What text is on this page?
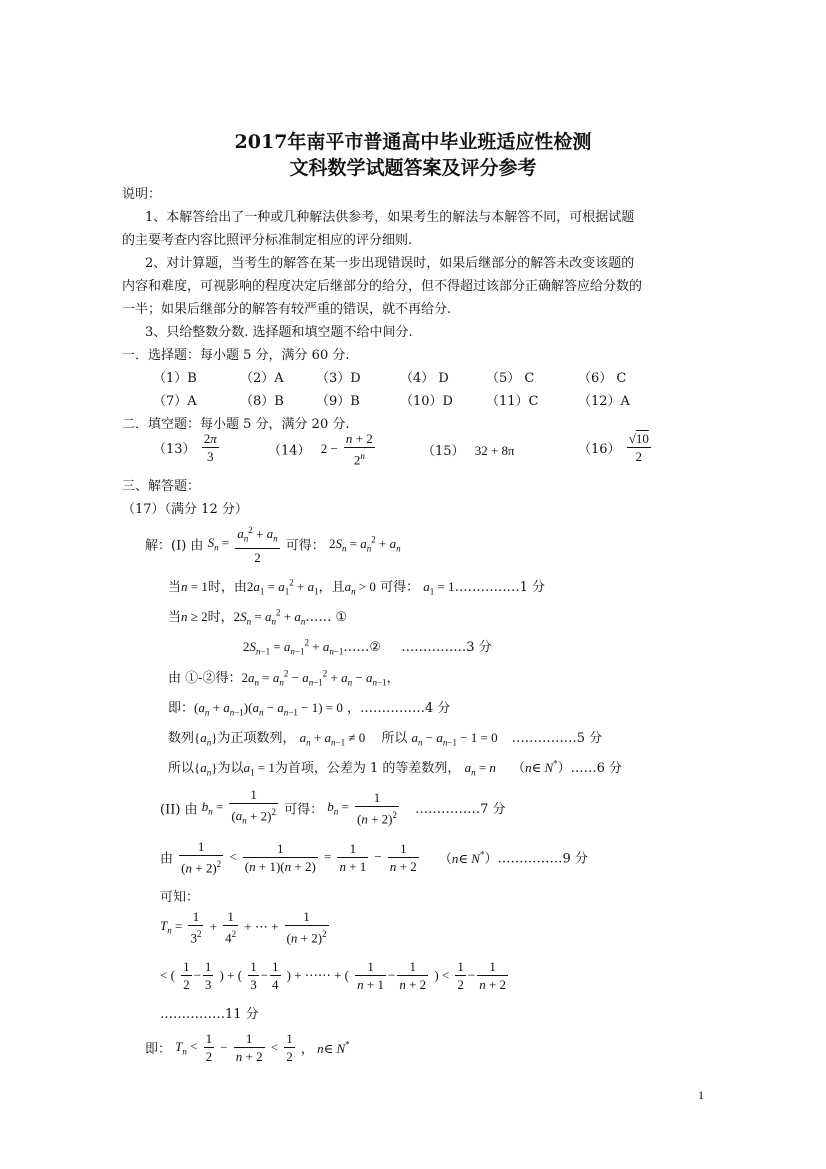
2017年南平市普通高中毕业班适应性检测
文科数学试题答案及评分参考
说明：
1、本解答给出了一种或几种解法供参考，如果考生的解法与本解答不同，可根据试题
的主要考查内容比照评分标准制定相应的评分细则.
2、对计算题，当考生的解答在某一步出现错误时，如果后继部分的解答未改变该题的
内容和难度，可视影响的程度决定后继部分的给分，但不得超过该部分正确解答应给分数的
一半；如果后继部分的解答有较严重的错误，就不再给分.
3、只给整数分数. 选择题和填空题不给中间分.
一．选择题：每小题 5 分，满分 60 分.
（1）B	（2）A （3）D	（4） D	（5） C	（6） C
（7）A	（8）B （9）B	（10）D	（11）C	（12）A
二．填空题：每小题 5 分，满分 20 分.
$(13) \frac{2\pi}{3}$	（14） $2 - \frac{n + 2}{2^n}$	（15） 32 + 8π	$(16) \frac{√10}{2}$
三、解答题：
（17）（满分 12 分）
解：(I) 由 $S_n = \frac{a_n^2 + a_n}{2}$ 可得： $2S_n = a_n^2 + a_n$
当n = 1时，由$2a_1 = a_1^2 + a_1$，且$a_n > 0$ 可得： $a_1$ = 1……………1 分
当n ≥ 2时，$2S_n = a_n^2$ + $a_n\dots\dots$ ①
$2S_{n-1} = a_{n-1}^2$ + $a_{n-1}\dots\dots ②$ ……………3 分
由 ①-②得：$2a_n = a_n^2 - a_{n-1}^2 + a_n - a_{n-1}$，
即：$(a_n + a_{n-1})(a_n - a_{n-1} - 1) = 0$ ，……………4 分
数列$\{a_n\}$为正项数列， $a_n + a_{n-1} \ne 0$ 所以 $a_n - a_{n-1} - 1 = 0$ ……………5 分
所以$\{a_n\}$为以$a_1 = 1$为首项，公差为 1 的等差数列， $a_n = n$ （n∈ N*）……6 分
(II) 由 $b_n = \frac{1}{(a_n + 2)^2}$ 可得： $b_n = \frac{1}{(n + 2)^2}$ ……………7 分
由 $\frac{1}{(n + 2)^2} < \frac{1}{(n + 1)(n + 2)} = \frac{1}{n + 1} - \frac{1}{n + 2}$ （n∈ N*）……………9 分
可知：
$T_n = \frac{1}{3^2} + \frac{1}{4^2}$ + ⋯ + $\frac{1}{(n + 2)^2}$
< ( $\frac{1}{2} - \frac{1}{3}$ ) + ( $\frac{1}{3} - \frac{1}{4}$ ) + ⋯⋯ + ( $\frac{1}{n + 1} - \frac{1}{n + 2}$ ) < $\frac{1}{2} - \frac{1}{n + 2}$
……………11 分
即： $T_n < \frac{1}{2} - \frac{1}{n + 2} < \frac{1}{2}$ ， n∈ N*
1
